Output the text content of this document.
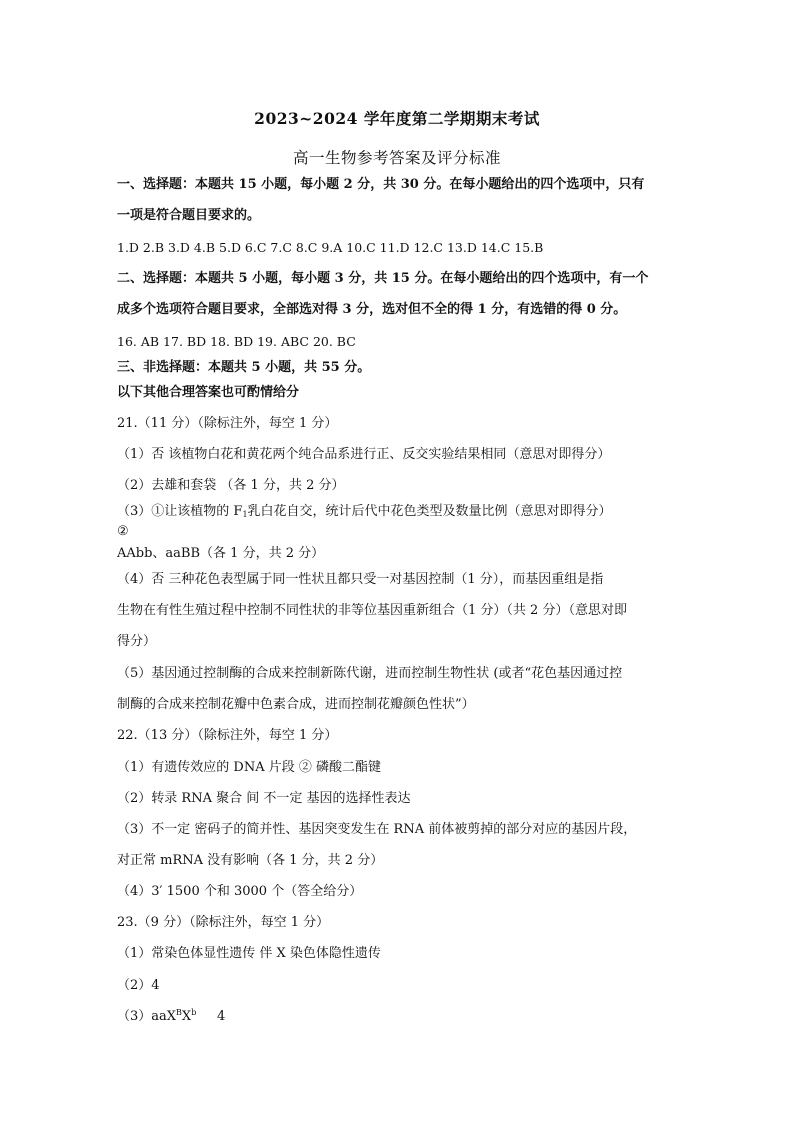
2023~2024 学年度第二学期期末考试
高一生物参考答案及评分标准
一、选择题：本题共 15 小题，每小题 2 分，共 30 分。在每小题给出的四个选项中，只有
一项是符合题目要求的。
1.D 2.B 3.D 4.B 5.D 6.C 7.C 8.C 9.A 10.C 11.D 12.C 13.D 14.C 15.B
二、选择题：本题共 5 小题，每小题 3 分，共 15 分。在每小题给出的四个选项中，有一个
成多个选项符合题目要求，全部选对得 3 分，选对但不全的得 1 分，有选错的得 0 分。
16. AB 17. BD 18. BD 19. ABC 20. BC
三、非选择题：本题共 5 小题，共 55 分。
以下其他合理答案也可酌情给分
21.（11 分）（除标注外，每空 1 分）
（1）否 该植物白花和黄花两个纯合品系进行正、反交实验结果相同（意思对即得分）
（2）去雄和套袋 （各 1 分，共 2 分）
（3）①让该植物的 $F_1$乳白花自交，统计后代中花色类型及数量比例（意思对即得分）
②
AAbb、aaBB（各 1 分，共 2 分）
（4）否 三种花色表型属于同一性状且都只受一对基因控制（1 分），而基因重组是指
生物在有性生殖过程中控制不同性状的非等位基因重新组合（1 分）（共 2 分）（意思对即
得分）
（5）基因通过控制酶的合成来控制新陈代谢，进而控制生物性状 (或者“花色基因通过控
制酶的合成来控制花瓣中色素合成，进而控制花瓣颜色性状”）
22.（13 分）（除标注外，每空 1 分）
（1）有遗传效应的 DNA 片段 ② 磷酸二酯键
（2）转录 RNA 聚合 间 不一定 基因的选择性表达
（3）不一定 密码子的简并性、基因突变发生在 RNA 前体被剪掉的部分对应的基因片段，
对正常 mRNA 没有影响（各 1 分，共 2 分）
（4）3′ 1500 个和 3000 个（答全给分）
23.（9 分）（除标注外，每空 1 分）
（1）常染色体显性遗传 伴 X 染色体隐性遗传
（2）4
$(3)aaX^BX^b$     4
